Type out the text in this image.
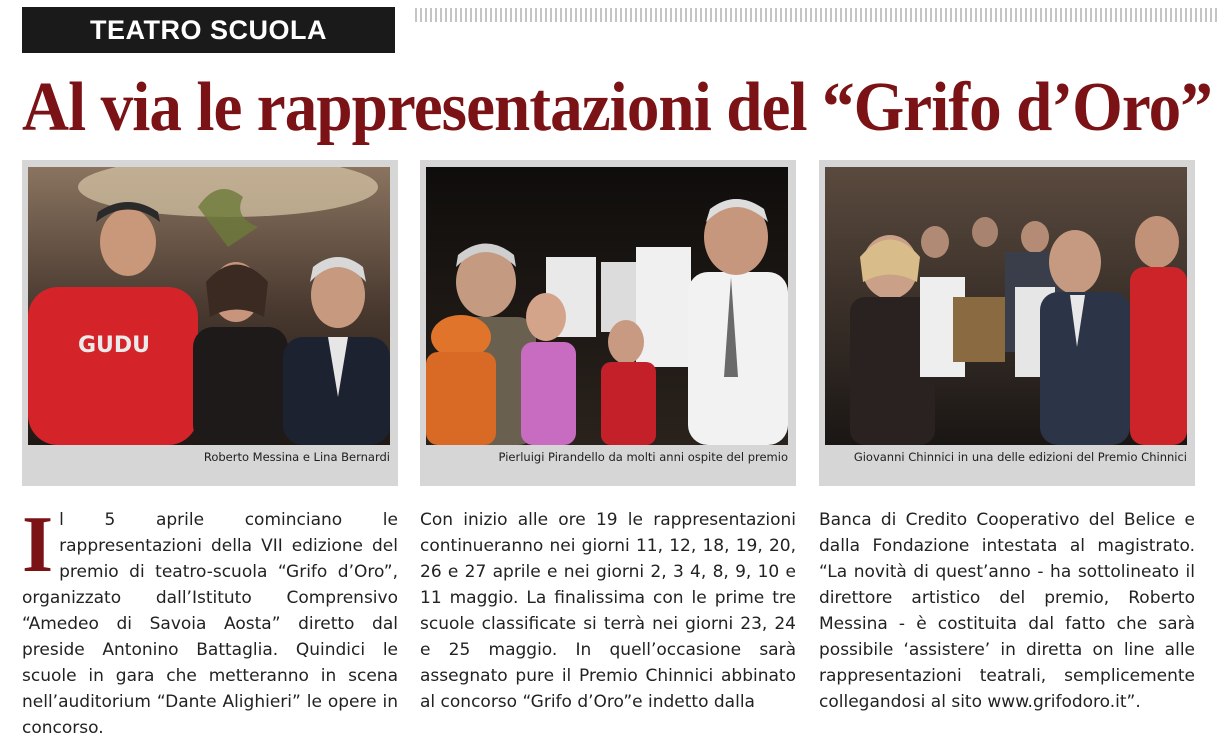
TEATRO SCUOLA
Al via le rappresentazioni del “Grifo d’Oro”
GUDU
Roberto Messina e Lina Bernardi	Pierluigi Pirandello da molti anni ospite del premio	Giovanni Chinnici in una delle edizioni del Premio Chinnici

Il 5 aprile cominciano le rappresentazioni della VII edizione del premio di teatro-scuola “Grifo d’Oro”, organizzato dall’Istituto Comprensivo “Amedeo di Savoia Aosta” diretto dal preside Antonino Battaglia. Quindici le scuole in gara che metteranno in scena nell’auditorium “Dante Alighieri” le opere in concorso.

Con inizio alle ore 19 le rappresentazioni continueranno nei giorni 11, 12, 18, 19, 20, 26 e 27 aprile e nei giorni 2, 3 4, 8, 9, 10 e 11 maggio. La finalissima con le prime tre scuole classificate si terrà nei giorni 23, 24 e 25 maggio. In quell’occasione sarà assegnato pure il Premio Chinnici abbinato al concorso “Grifo d’Oro”e indetto dalla

Banca di Credito Cooperativo del Belice e dalla Fondazione intestata al magistrato. “La novità di quest’anno - ha sottolineato il direttore artistico del premio, Roberto Messina - è costituita dal fatto che sarà possibile ‘assistere’ in diretta on line alle rappresentazioni teatrali, semplicemente collegandosi al sito www.grifodoro.it”.
